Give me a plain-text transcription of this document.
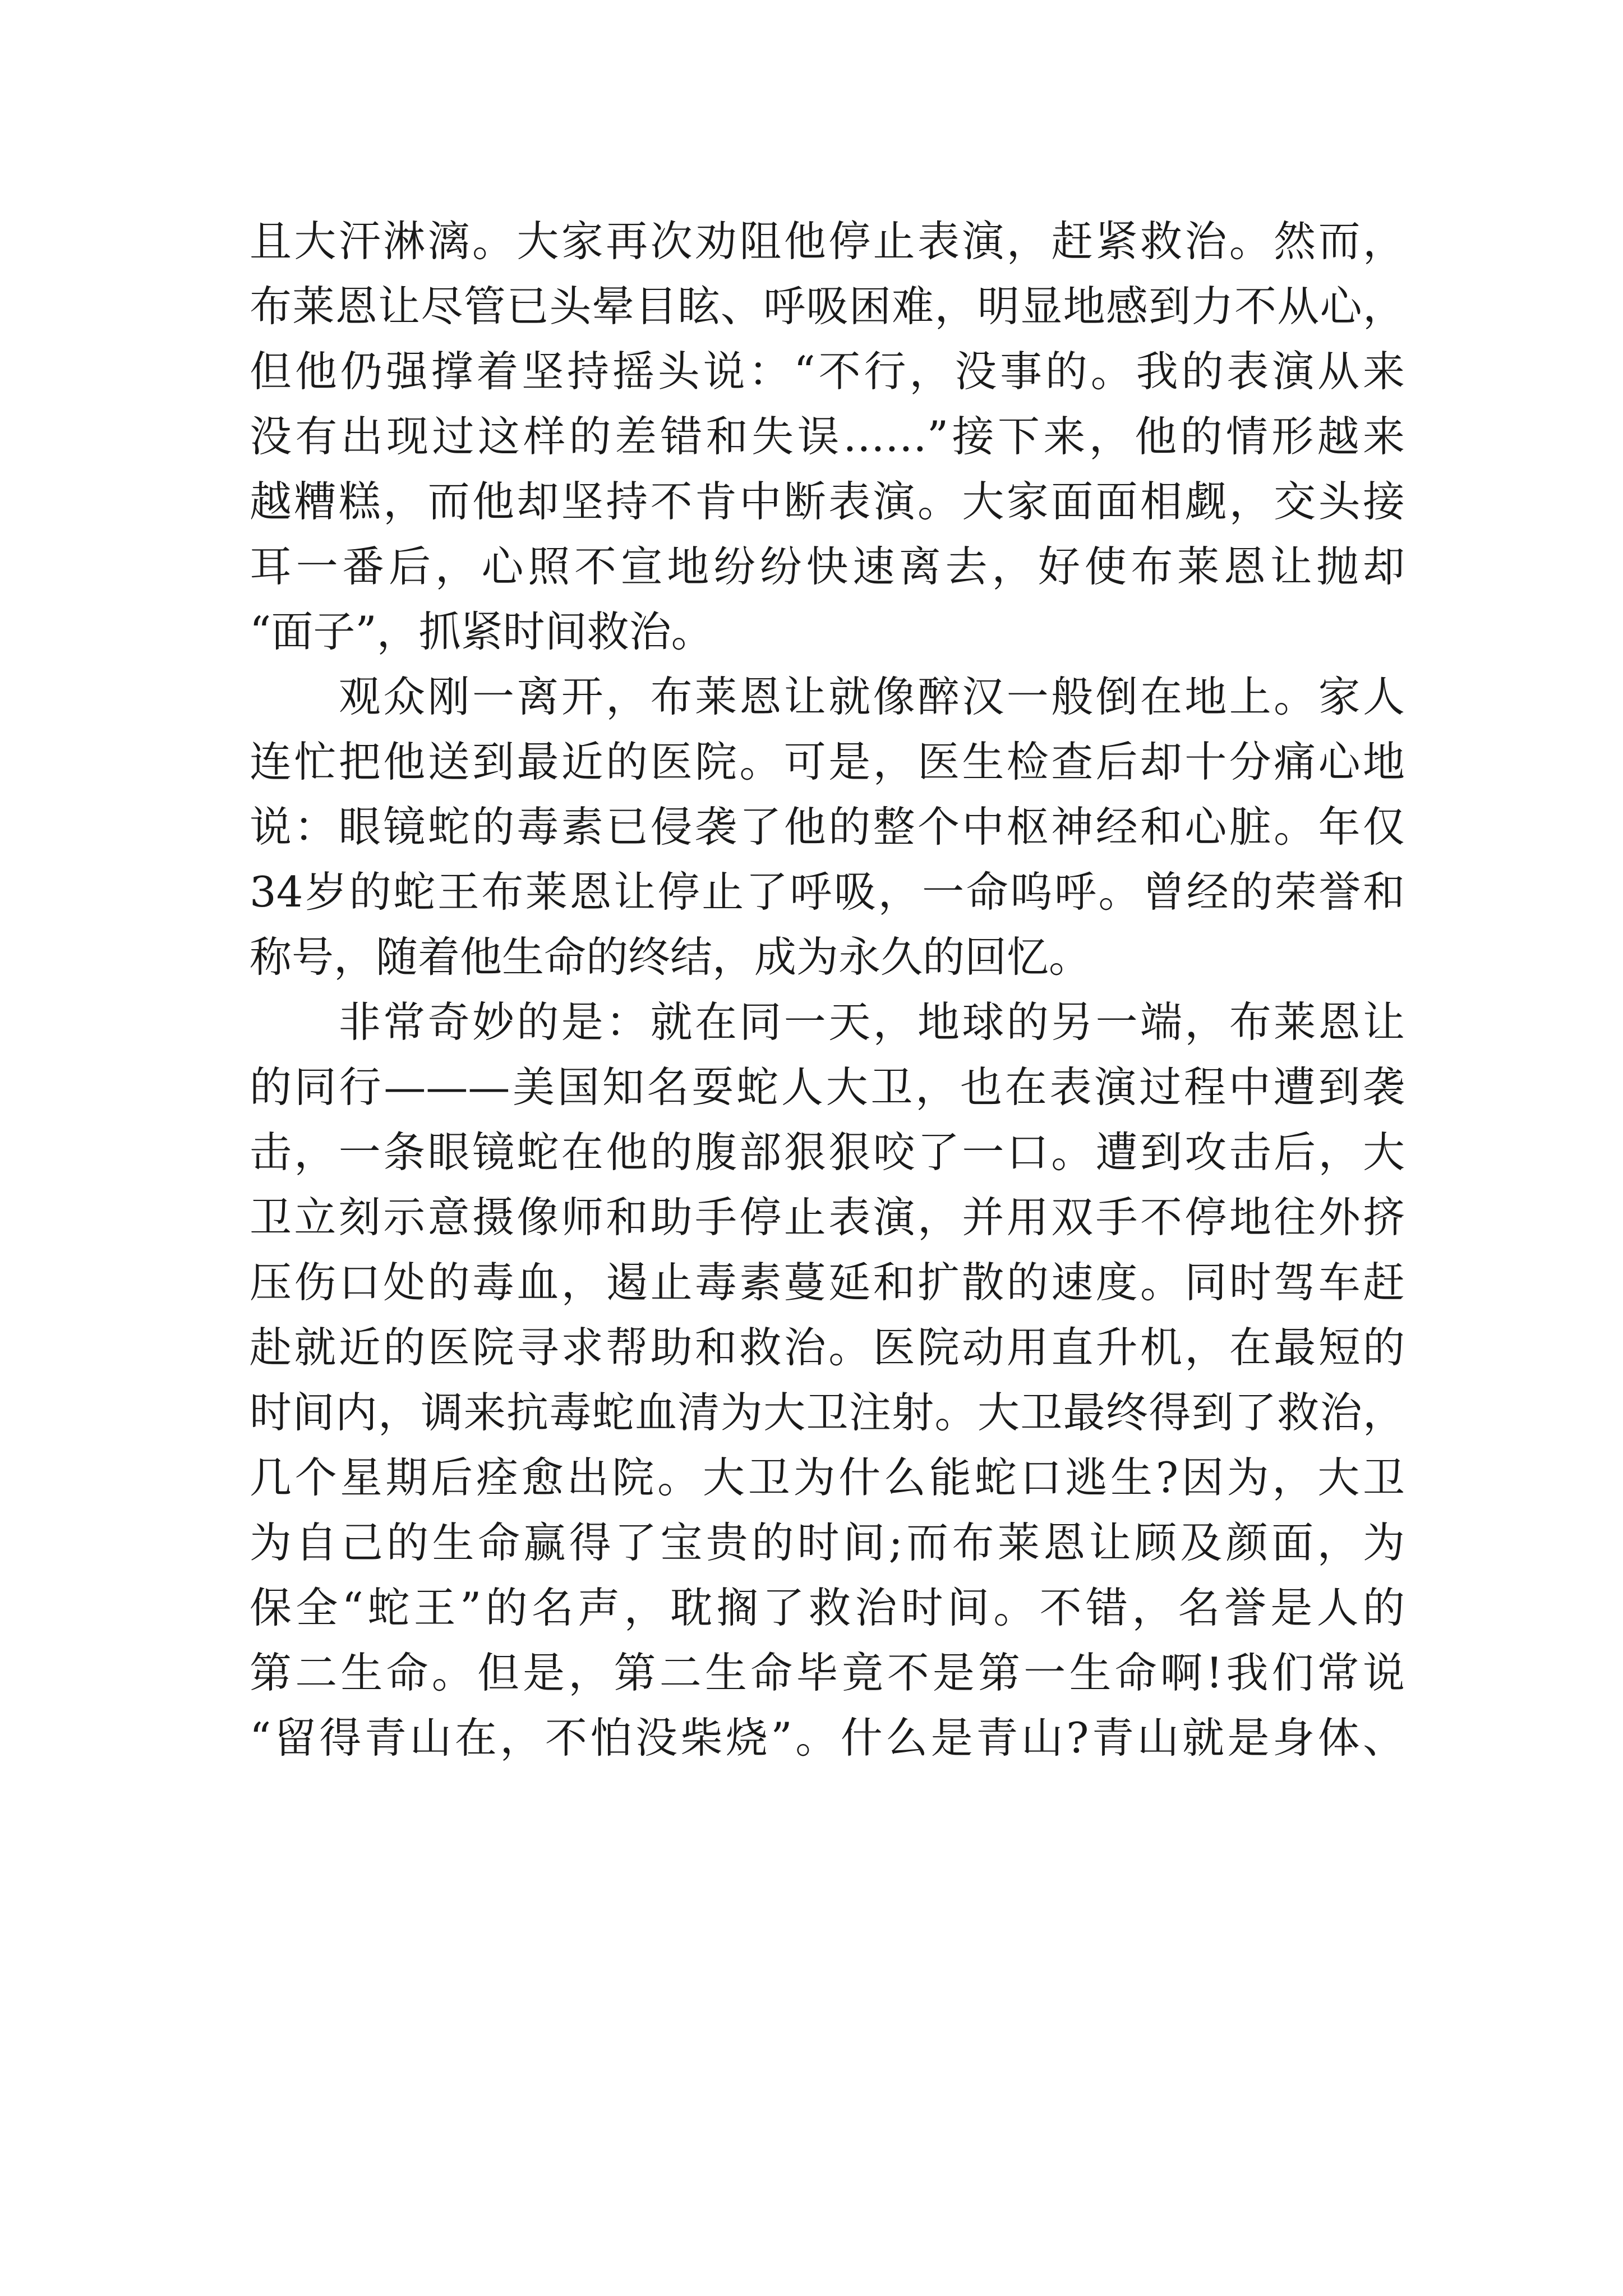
且大汗淋漓。大家再次劝阻他停止表演，赶紧救治。然而，
布莱恩让尽管已头晕目眩、呼吸困难，明显地感到力不从心，
但他仍强撑着坚持摇头说：“不行，没事的。我的表演从来
没有出现过这样的差错和失误……”接下来，他的情形越来
越糟糕，而他却坚持不肯中断表演。大家面面相觑，交头接
耳一番后，心照不宣地纷纷快速离去，好使布莱恩让抛却
“面子”，抓紧时间救治。
　　观众刚一离开，布莱恩让就像醉汉一般倒在地上。家人
连忙把他送到最近的医院。可是，医生检查后却十分痛心地
说：眼镜蛇的毒素已侵袭了他的整个中枢神经和心脏。年仅
34岁的蛇王布莱恩让停止了呼吸，一命呜呼。曾经的荣誉和
称号，随着他生命的终结，成为永久的回忆。
　　非常奇妙的是：就在同一天，地球的另一端，布莱恩让
的同行———美国知名耍蛇人大卫，也在表演过程中遭到袭
击，一条眼镜蛇在他的腹部狠狠咬了一口。遭到攻击后，大
卫立刻示意摄像师和助手停止表演，并用双手不停地往外挤
压伤口处的毒血，遏止毒素蔓延和扩散的速度。同时驾车赶
赴就近的医院寻求帮助和救治。医院动用直升机，在最短的
时间内，调来抗毒蛇血清为大卫注射。大卫最终得到了救治，
几个星期后痊愈出院。大卫为什么能蛇口逃生?因为，大卫
为自己的生命赢得了宝贵的时间;而布莱恩让顾及颜面，为
保全“蛇王”的名声，耽搁了救治时间。不错，名誉是人的
第二生命。但是，第二生命毕竟不是第一生命啊!我们常说
“留得青山在，不怕没柴烧”。什么是青山?青山就是身体、
